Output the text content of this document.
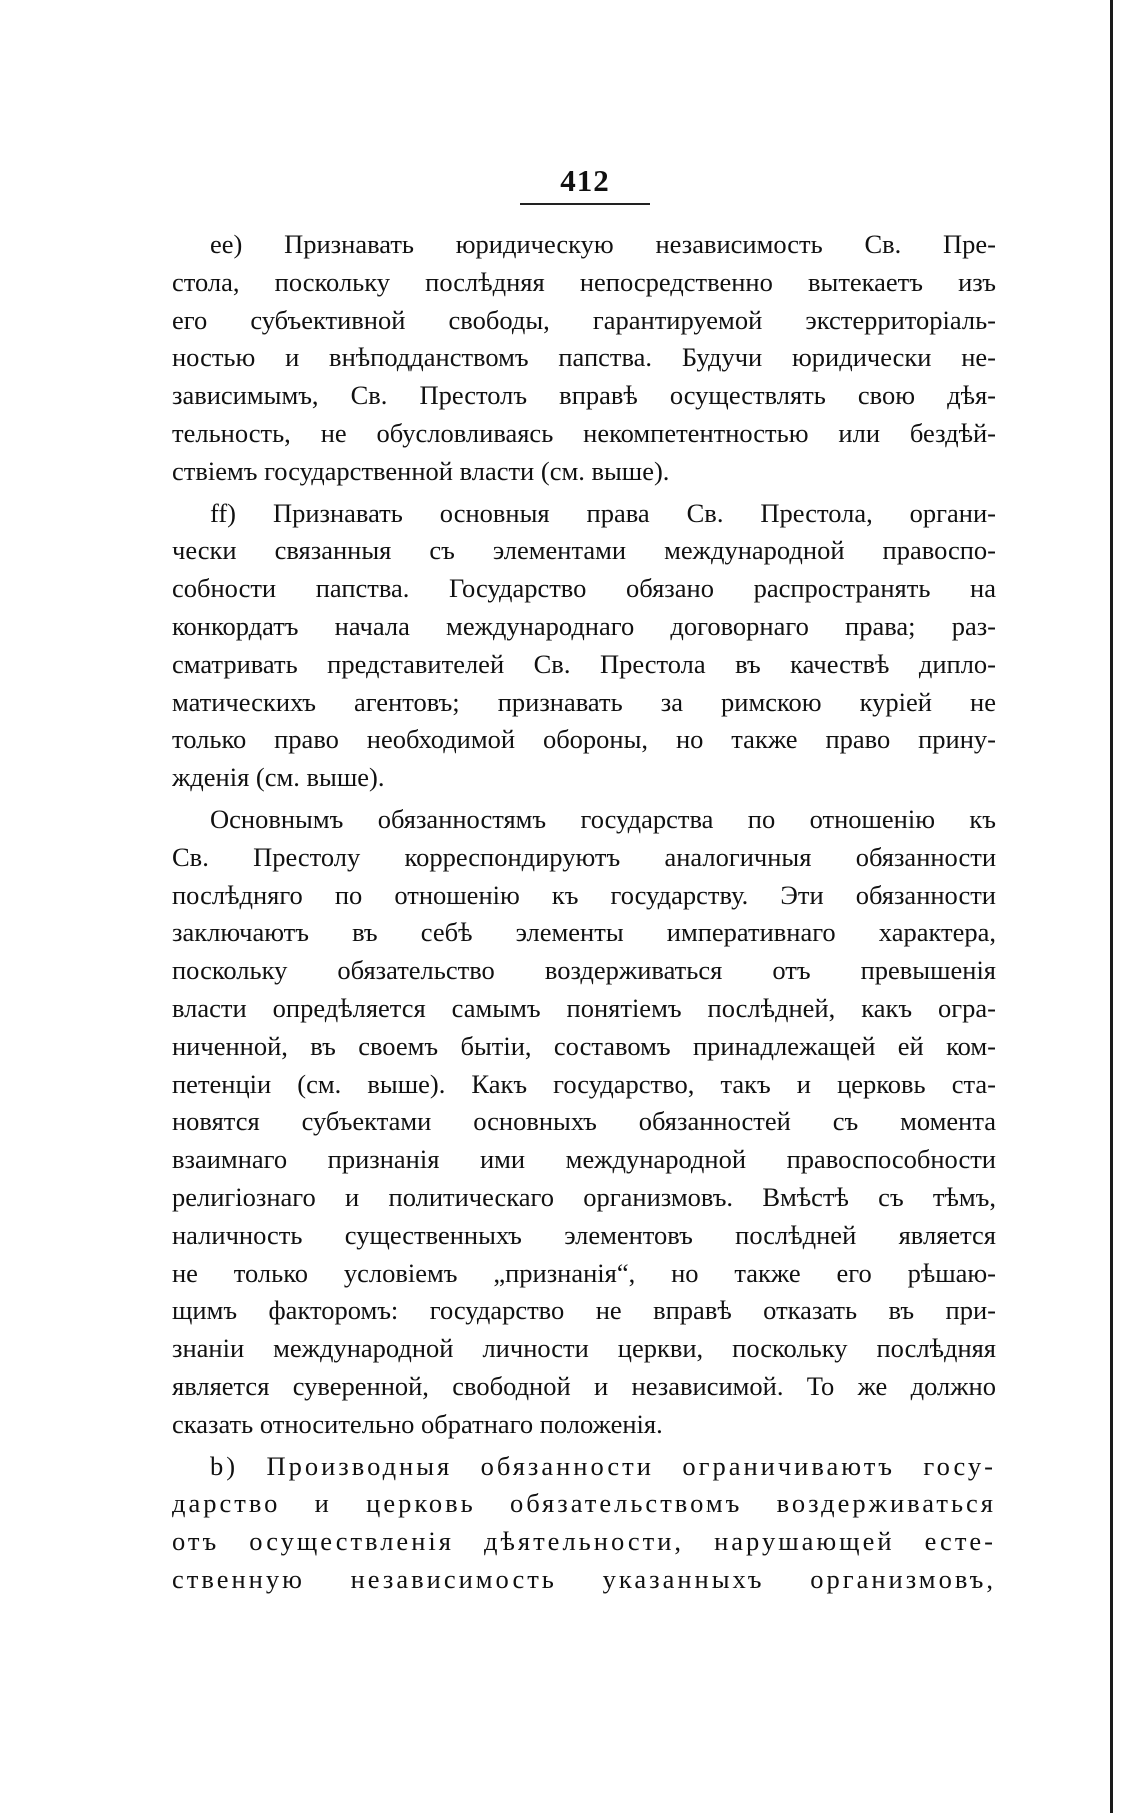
412
ee) Признавать юридическую независимость Св. Пре-
стола, поскольку послѣдняя непосредственно вытекаетъ изъ
его субъективной свободы, гарантируемой экстерриторіаль-
ностью и внѣподданствомъ папства. Будучи юридически не-
зависимымъ, Св. Престолъ вправѣ осуществлять свою дѣя-
тельность, не обусловливаясь некомпетентностью или бездѣй-
ствіемъ государственной власти (см. выше).
ff) Признавать основныя права Св. Престола, органи-
чески связанныя съ элементами международной правоспо-
собности папства. Государство обязано распространять на
конкордатъ начала международнаго договорнаго права; раз-
сматривать представителей Св. Престола въ качествѣ дипло-
матическихъ агентовъ; признавать за римскою куріей не
только право необходимой обороны, но также право прину-
жденія (см. выше).
Основнымъ обязанностямъ государства по отношенію къ
Св. Престолу корреспондируютъ аналогичныя обязанности
послѣдняго по отношенію къ государству. Эти обязанности
заключаютъ въ себѣ элементы императивнаго характера,
поскольку обязательство воздерживаться отъ превышенія
власти опредѣляется самымъ понятіемъ послѣдней, какъ огра-
ниченной, въ своемъ бытіи, составомъ принадлежащей ей ком-
петенціи (см. выше). Какъ государство, такъ и церковь ста-
новятся субъектами основныхъ обязанностей съ момента
взаимнаго признанія ими международной правоспособности
религіознаго и политическаго организмовъ. Вмѣстѣ съ тѣмъ,
наличность существенныхъ элементовъ послѣдней является
не только условіемъ „признанія“, но также его рѣшаю-
щимъ факторомъ: государство не вправѣ отказать въ при-
знаніи международной личности церкви, поскольку послѣдняя
является суверенной, свободной и независимой. То же должно
сказать относительно обратнаго положенія.
b) Производныя обязанности ограничиваютъ госу-
дарство и церковь обязательствомъ воздерживаться
отъ осуществленія дѣятельности, нарушающей есте-
ственную независимость указанныхъ организмовъ,
